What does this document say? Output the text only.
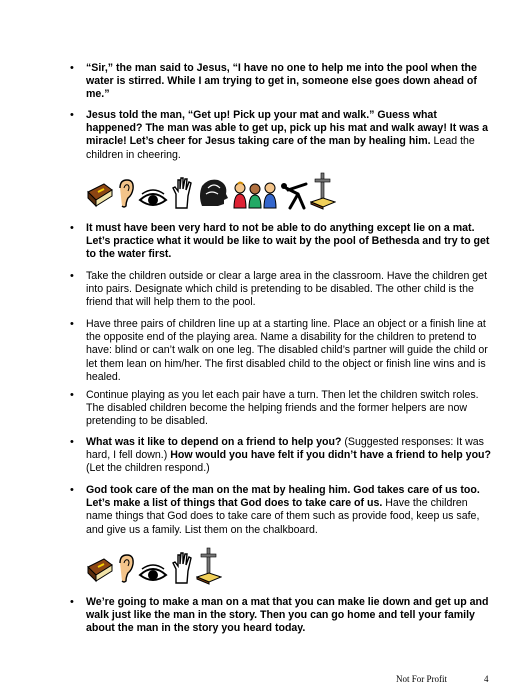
• “Sir,” the man said to Jesus, “I have no one to help me into the pool when the water is stirred. While I am trying to get in, someone else goes down ahead of me.”
• Jesus told the man, “Get up! Pick up your mat and walk.” Guess what happened? The man was able to get up, pick up his mat and walk away! It was a miracle! Let’s cheer for Jesus taking care of the man by healing him. Lead the children in cheering.
• It must have been very hard to not be able to do anything except lie on a mat. Let’s practice what it would be like to wait by the pool of Bethesda and try to get to the water first.
• Take the children outside or clear a large area in the classroom. Have the children get into pairs. Designate which child is pretending to be disabled. The other child is the friend that will help them to the pool.
• Have three pairs of children line up at a starting line. Place an object or a finish line at the opposite end of the playing area. Name a disability for the children to pretend to have: blind or can’t walk on one leg. The disabled child’s partner will guide the child or let them lean on him/her. The first disabled child to the object or finish line wins and is healed.
• Continue playing as you let each pair have a turn. Then let the children switch roles. The disabled children become the helping friends and the former helpers are now pretending to be disabled.
• What was it like to depend on a friend to help you? (Suggested responses: It was hard, I fell down.) How would you have felt if you didn’t have a friend to help you? (Let the children respond.)
• God took care of the man on the mat by healing him. God takes care of us too. Let’s make a list of things that God does to take care of us. Have the children name things that God does to take care of them such as provide food, keep us safe, and give us a family. List them on the chalkboard.
• We’re going to make a man on a mat that you can make lie down and get up and walk just like the man in the story. Then you can go home and tell your family about the man in the story you heard today.
Not For Profit	4
